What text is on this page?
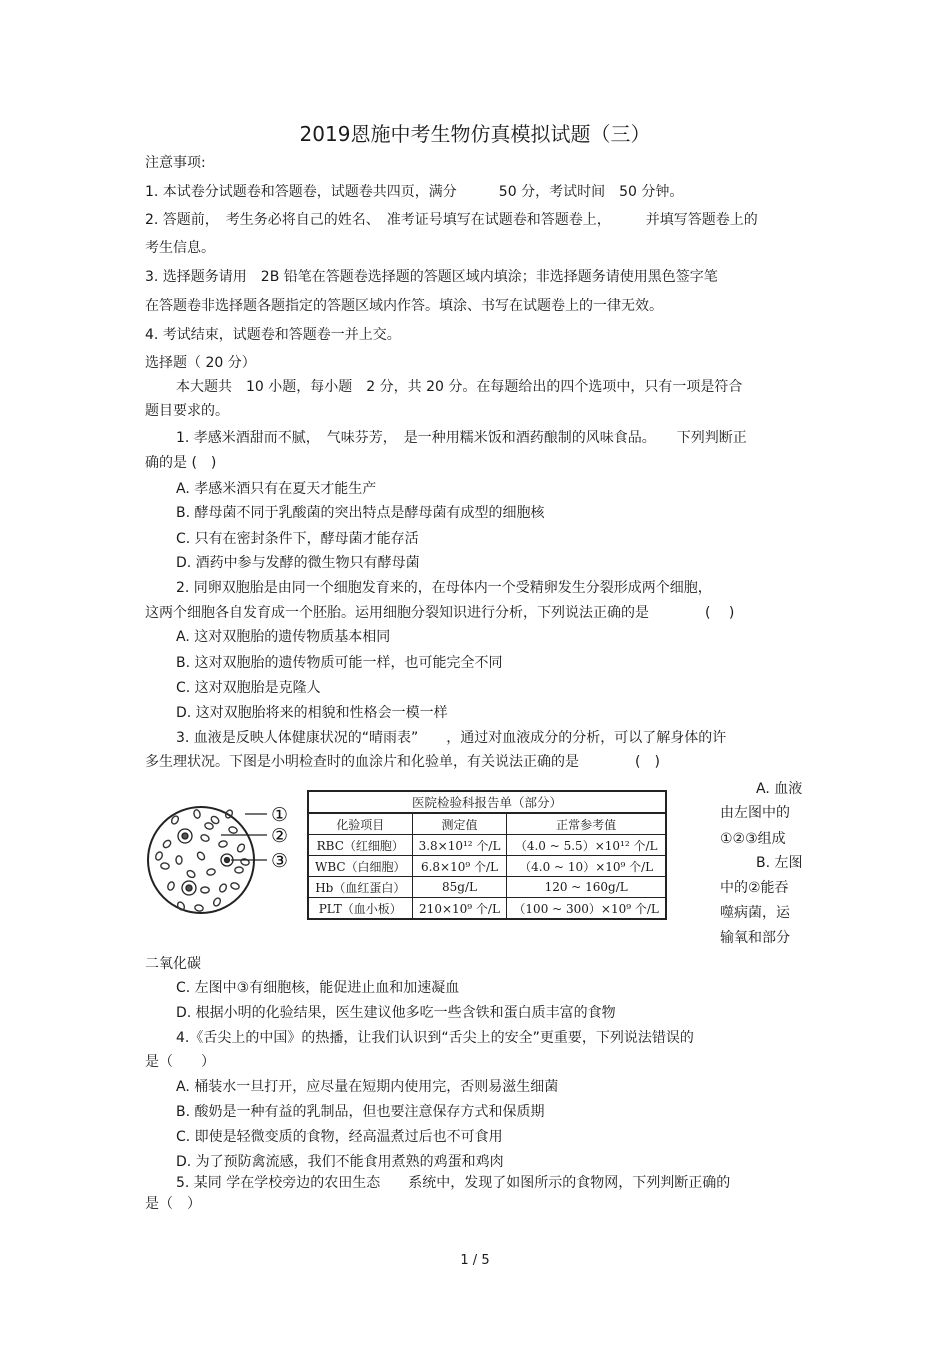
2019恩施中考生物仿真模拟试题（三）
注意事项:
1. 本试卷分试题卷和答题卷，试题卷共四页，满分　　　50 分，考试时间　50 分钟。
2. 答题前，　考生务必将自己的姓名、　准考证号填写在试题卷和答题卷上，　　　并填写答题卷上的
考生信息。
3. 选择题务请用　2B 铅笔在答题卷选择题的答题区域内填涂；非选择题务请使用黑色签字笔
在答题卷非选择题各题指定的答题区域内作答。填涂、书写在试题卷上的一律无效。
4. 考试结束，试题卷和答题卷一并上交。
选择题（ 20 分）
本大题共　10 小题，每小题　2 分，共 20 分。在每题给出的四个选项中，只有一项是符合
题目要求的。
1. 孝感米酒甜而不腻，　气味芬芳，　是一种用糯米饭和酒药酿制的风味食品。　　下列判断正
确的是 (　)
A. 孝感米酒只有在夏天才能生产
B. 酵母菌不同于乳酸菌的突出特点是酵母菌有成型的细胞核
C. 只有在密封条件下，酵母菌才能存活
D. 酒药中参与发酵的微生物只有酵母菌
2. 同卵双胞胎是由同一个细胞发育来的，在母体内一个受精卵发生分裂形成两个细胞，
这两个细胞各自发育成一个胚胎。运用细胞分裂知识进行分析，下列说法正确的是　　　　( 　)
A. 这对双胞胎的遗传物质基本相同
B. 这对双胞胎的遗传物质可能一样，也可能完全不同
C. 这对双胞胎是克隆人
D. 这对双胞胎将来的相貌和性格会一模一样
3. 血液是反映人体健康状况的“晴雨表”　　，通过对血液成分的分析，可以了解身体的许
多生理状况。下图是小明检查时的血涂片和化验单，有关说法正确的是　　　　(　)
A. 血液
由左图中的
①②③组成
B. 左图
中的②能吞
噬病菌，运
输氧和部分
二氧化碳
C. 左图中③有细胞核，能促进止血和加速凝血
D. 根据小明的化验结果，医生建议他多吃一些含铁和蛋白质丰富的食物
4.《舌尖上的中国》的热播，让我们认识到“舌尖上的安全”更重要，下列说法错误的
是（　　）
A. 桶装水一旦打开，应尽量在短期内使用完，否则易滋生细菌
B. 酸奶是一种有益的乳制品，但也要注意保存方式和保质期
C. 即使是轻微变质的食物，经高温煮过后也不可食用
D. 为了预防禽流感，我们不能食用煮熟的鸡蛋和鸡肉
5. 某同 学在学校旁边的农田生态　　系统中，发现了如图所示的食物网，下列判断正确的
是（　）
①
②
③
医院检验科报告单（部分）		
化验项目	测定值	正常参考值
RBC（红细胞）	3.8×10¹² 个/L	（4.0 ~ 5.5）×10¹² 个/L
WBC（白细胞）	6.8×10⁹ 个/L	（4.0 ~ 10）×10⁹ 个/L
Hb（血红蛋白）	85g/L	120 ~ 160g/L
PLT（血小板）	210×10⁹ 个/L	（100 ~ 300）×10⁹ 个/L
1 / 5
